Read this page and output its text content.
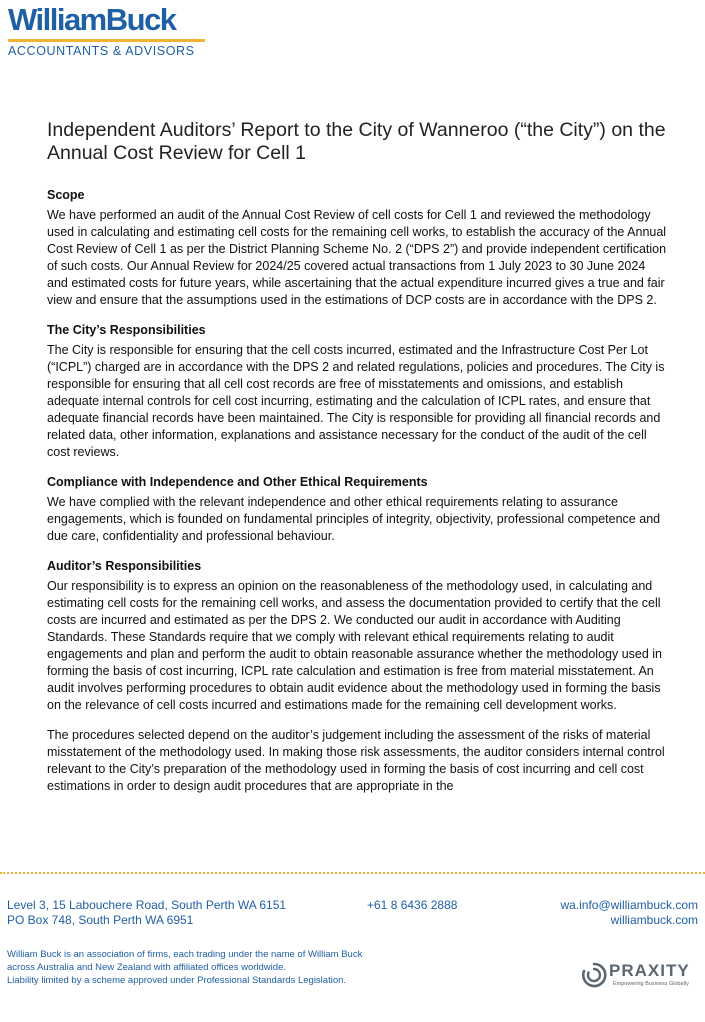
WilliamBuck
ACCOUNTANTS & ADVISORS
Independent Auditors’ Report to the City of Wanneroo (“the City”) on the Annual Cost Review for Cell 1
Scope

We have performed an audit of the Annual Cost Review of cell costs for Cell 1 and reviewed the methodology used in calculating and estimating cell costs for the remaining cell works, to establish the accuracy of the Annual Cost Review of Cell 1 as per the District Planning Scheme No. 2 (“DPS 2”) and provide independent certification of such costs. Our Annual Review for 2024/25 covered actual transactions from 1 July 2023 to 30 June 2024 and estimated costs for future years, while ascertaining that the actual expenditure incurred gives a true and fair view and ensure that the assumptions used in the estimations of DCP costs are in accordance with the DPS 2.

The City’s Responsibilities

The City is responsible for ensuring that the cell costs incurred, estimated and the Infrastructure Cost Per Lot (“ICPL”) charged are in accordance with the DPS 2 and related regulations, policies and procedures. The City is responsible for ensuring that all cell cost records are free of misstatements and omissions, and establish adequate internal controls for cell cost incurring, estimating and the calculation of ICPL rates, and ensure that adequate financial records have been maintained. The City is responsible for providing all financial records and related data, other information, explanations and assistance necessary for the conduct of the audit of the cell cost reviews.

Compliance with Independence and Other Ethical Requirements

We have complied with the relevant independence and other ethical requirements relating to assurance engagements, which is founded on fundamental principles of integrity, objectivity, professional competence and due care, confidentiality and professional behaviour.

Auditor’s Responsibilities

Our responsibility is to express an opinion on the reasonableness of the methodology used, in calculating and estimating cell costs for the remaining cell works, and assess the documentation provided to certify that the cell costs are incurred and estimated as per the DPS 2. We conducted our audit in accordance with Auditing Standards. These Standards require that we comply with relevant ethical requirements relating to audit engagements and plan and perform the audit to obtain reasonable assurance whether the methodology used in forming the basis of cost incurring, ICPL rate calculation and estimation is free from material misstatement. An audit involves performing procedures to obtain audit evidence about the methodology used in forming the basis on the relevance of cell costs incurred and estimations made for the remaining cell development works.

The procedures selected depend on the auditor’s judgement including the assessment of the risks of material misstatement of the methodology used. In making those risk assessments, the auditor considers internal control relevant to the City’s preparation of the methodology used in forming the basis of cost incurring and cell cost estimations in order to design audit procedures that are appropriate in the

Level 3, 15 Labouchere Road, South Perth WA 6151
PO Box 748, South Perth WA 6951
+61 8 6436 2888	wa.info@williambuck.com
williambuck.com
William Buck is an association of firms, each trading under the name of William Buck
across Australia and New Zealand with affiliated offices worldwide.
Liability limited by a scheme approved under Professional Standards Legislation.
PRAXITY
Empowering Business Globally
